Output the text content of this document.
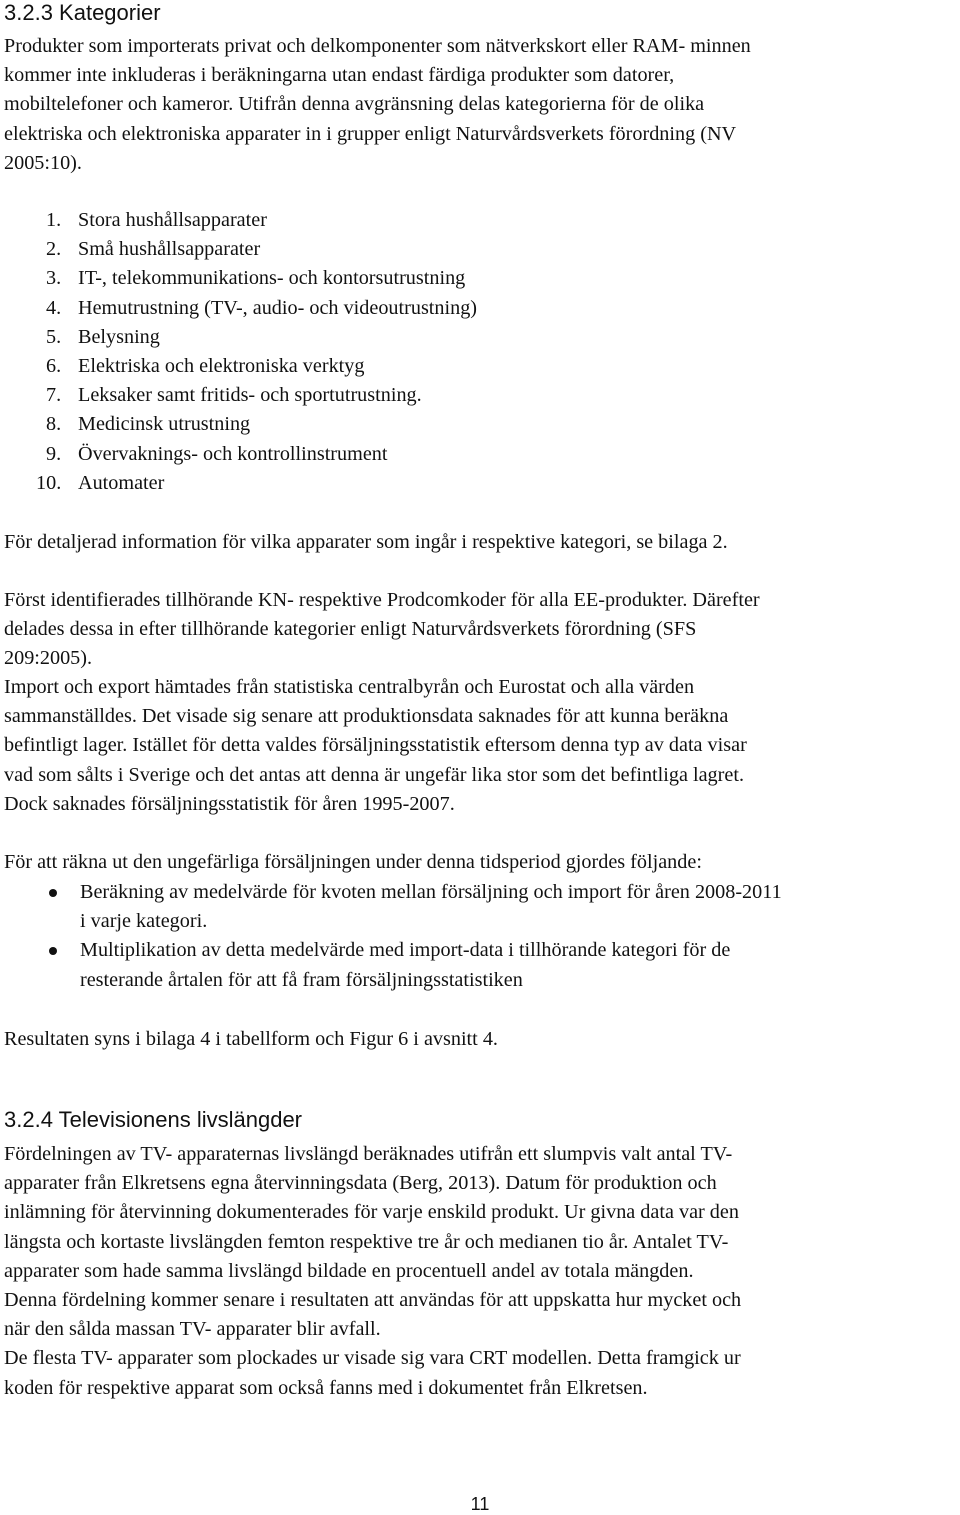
3.2.3 Kategorier
Produkter som importerats privat och delkomponenter som nätverkskort eller RAM- minnen
kommer inte inkluderas i beräkningarna utan endast färdiga produkter som datorer,
mobiltelefoner och kameror. Utifrån denna avgränsning delas kategorierna för de olika
elektriska och elektroniska apparater in i grupper enligt Naturvårdsverkets förordning (NV
2005:10).
1. Stora hushållsapparater
2. Små hushållsapparater
3. IT-, telekommunikations- och kontorsutrustning
4. Hemutrustning (TV-, audio- och videoutrustning)
5. Belysning
6. Elektriska och elektroniska verktyg
7. Leksaker samt fritids- och sportutrustning.
8. Medicinsk utrustning
9. Övervaknings- och kontrollinstrument
10. Automater
För detaljerad information för vilka apparater som ingår i respektive kategori, se bilaga 2.
Först identifierades tillhörande KN- respektive Prodcomkoder för alla EE-produkter. Därefter
delades dessa in efter tillhörande kategorier enligt Naturvårdsverkets förordning (SFS
209:2005).
Import och export hämtades från statistiska centralbyrån och Eurostat och alla värden
sammanställdes. Det visade sig senare att produktionsdata saknades för att kunna beräkna
befintligt lager. Istället för detta valdes försäljningsstatistik eftersom denna typ av data visar
vad som sålts i Sverige och det antas att denna är ungefär lika stor som det befintliga lagret.
Dock saknades försäljningsstatistik för åren 1995-2007.
För att räkna ut den ungefärliga försäljningen under denna tidsperiod gjordes följande:
Beräkning av medelvärde för kvoten mellan försäljning och import för åren 2008-2011
i varje kategori.
Multiplikation av detta medelvärde med import-data i tillhörande kategori för de
resterande årtalen för att få fram försäljningsstatistiken
Resultaten syns i bilaga 4 i tabellform och Figur 6 i avsnitt 4.
3.2.4 Televisionens livslängder
Fördelningen av TV- apparaternas livslängd beräknades utifrån ett slumpvis valt antal TV-
apparater från Elkretsens egna återvinningsdata (Berg, 2013). Datum för produktion och
inlämning för återvinning dokumenterades för varje enskild produkt. Ur givna data var den
längsta och kortaste livslängden femton respektive tre år och medianen tio år. Antalet TV-
apparater som hade samma livslängd bildade en procentuell andel av totala mängden.
Denna fördelning kommer senare i resultaten att användas för att uppskatta hur mycket och
när den sålda massan TV- apparater blir avfall.
De flesta TV- apparater som plockades ur visade sig vara CRT modellen. Detta framgick ur
koden för respektive apparat som också fanns med i dokumentet från Elkretsen.
11
